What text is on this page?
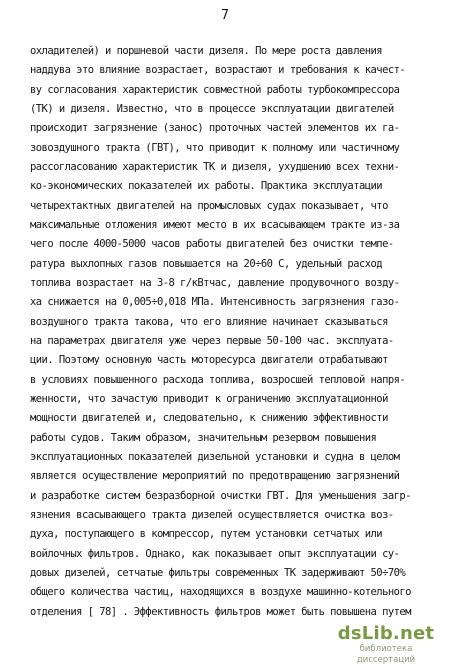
7
охладителей) и поршневой части дизеля. По мере роста давления
наддува это влияние возрастает, возрастают и требования к качест-
ву согласования характеристик совместной работы турбокомпрессора
(ТК) и дизеля. Известно, что в процессе эксплуатации двигателей
происходит загрязнение (занос) проточных частей элементов их га-
зовоздушного тракта (ГВТ), что приводит к полному или частичному
рассогласованию характеристик ТК и дизеля, ухудшению всех техни-
ко-экономических показателей их работы. Практика эксплуатации
четырехтактных двигателей на промысловых судах показывает, что
максимальные отложения имеют место в их всасывающем тракте из-за
чего после 4000-5000 часов работы двигателей без очистки темпе-
ратура выхлопных газов повышается на 20÷60 С, удельный расход
топлива возрастает на 3-8 г/кВтчас, давление продувочного возду-
ха снижается на 0,005÷0,018 МПа. Интенсивность загрязнения газо-
воздушного тракта такова, что его влияние начинает сказываться
на параметрах двигателя уже через первые 50-100 час. эксплуата-
ции. Поэтому основную часть моторесурса двигатели отрабатывают
в условиях повышенного расхода топлива, возросшей тепловой напря-
женности, что зачастую приводит к ограничению эксплуатационной
мощности двигателей и, следовательно, к снижению эффективности
работы судов. Таким образом, значительным резервом повышения
эксплуатационных показателей дизельной установки и судна в целом
является осуществление мероприятий по предотвращению загрязнений
и разработке систем безразборной очистки ГВТ. Для уменьшения загр-
язнения всасывающего тракта дизелей осуществляется очистка воз-
духа, поступающего в компрессор, путем установки сетчатых или
войлочных фильтров. Однако, как показывает опыт эксплуатации су-
довых дизелей, сетчатые фильтры современных ТК задерживают 50÷70%
общего количества частиц, находящихся в воздухе машинно-котельного
отделения [ 78] . Эффективность фильтров может быть повышена путем
dsLib.net
библиотека диссертаций
